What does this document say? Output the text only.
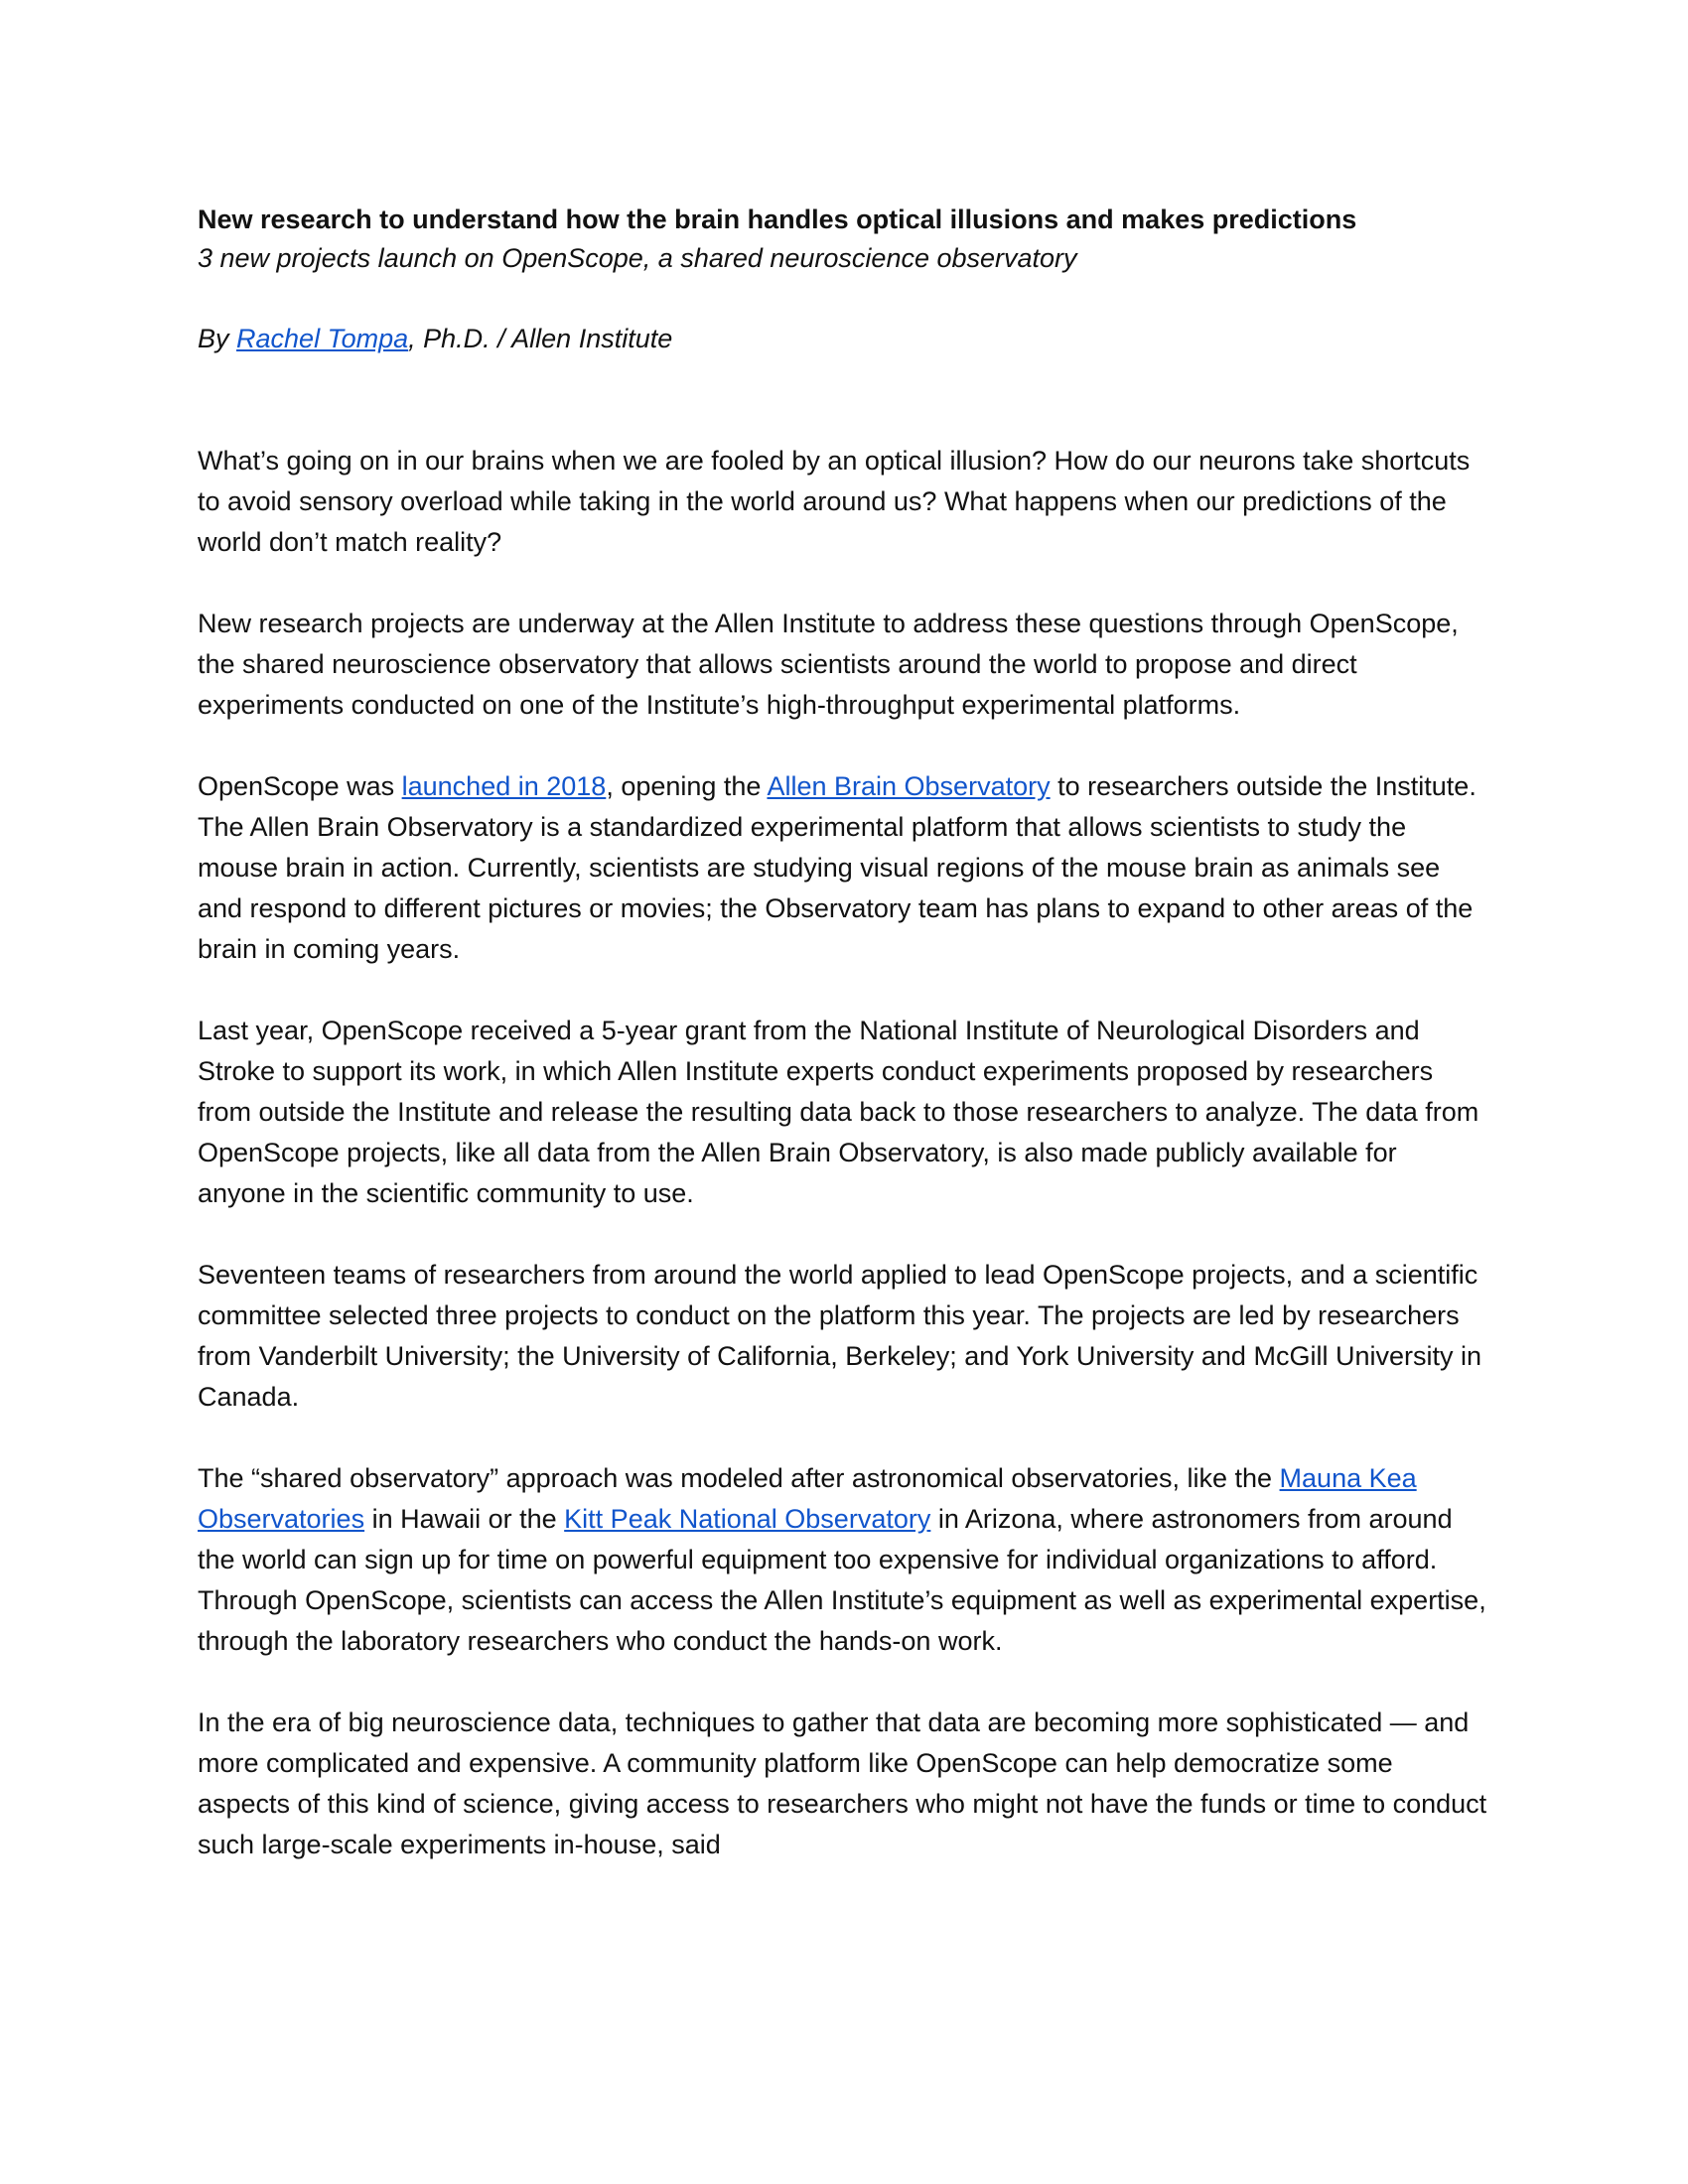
New research to understand how the brain handles optical illusions and makes predictions
3 new projects launch on OpenScope, a shared neuroscience observatory
By Rachel Tompa, Ph.D. / Allen Institute

What’s going on in our brains when we are fooled by an optical illusion? How do our neurons take shortcuts to avoid sensory overload while taking in the world around us? What happens when our predictions of the world don’t match reality?

New research projects are underway at the Allen Institute to address these questions through OpenScope, the shared neuroscience observatory that allows scientists around the world to propose and direct experiments conducted on one of the Institute’s high-throughput experimental platforms.

OpenScope was launched in 2018, opening the Allen Brain Observatory to researchers outside the Institute. The Allen Brain Observatory is a standardized experimental platform that allows scientists to study the mouse brain in action. Currently, scientists are studying visual regions of the mouse brain as animals see and respond to different pictures or movies; the Observatory team has plans to expand to other areas of the brain in coming years.

Last year, OpenScope received a 5-year grant from the National Institute of Neurological Disorders and Stroke to support its work, in which Allen Institute experts conduct experiments proposed by researchers from outside the Institute and release the resulting data back to those researchers to analyze. The data from OpenScope projects, like all data from the Allen Brain Observatory, is also made publicly available for anyone in the scientific community to use.

Seventeen teams of researchers from around the world applied to lead OpenScope projects, and a scientific committee selected three projects to conduct on the platform this year. The projects are led by researchers from Vanderbilt University; the University of California, Berkeley; and York University and McGill University in Canada.

The “shared observatory” approach was modeled after astronomical observatories, like the Mauna Kea Observatories in Hawaii or the Kitt Peak National Observatory in Arizona, where astronomers from around the world can sign up for time on powerful equipment too expensive for individual organizations to afford. Through OpenScope, scientists can access the Allen Institute’s equipment as well as experimental expertise, through the laboratory researchers who conduct the hands-on work.

In the era of big neuroscience data, techniques to gather that data are becoming more sophisticated — and more complicated and expensive. A community platform like OpenScope can help democratize some aspects of this kind of science, giving access to researchers who might not have the funds or time to conduct such large-scale experiments in-house, said
